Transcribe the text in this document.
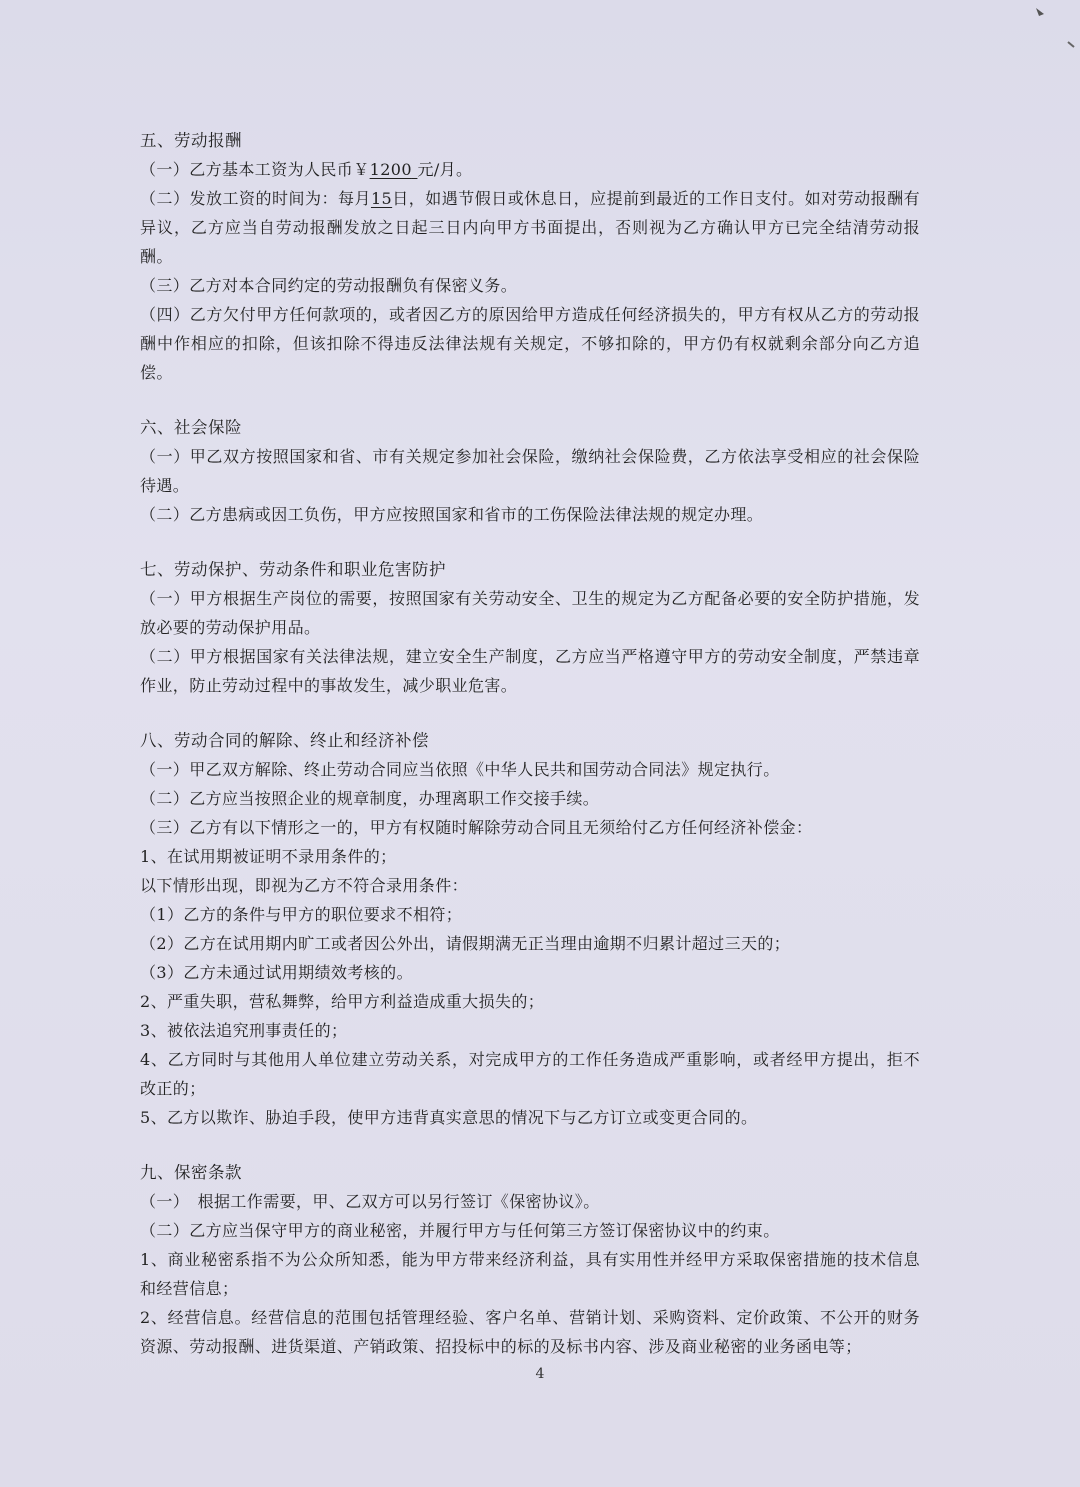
五、劳动报酬

（一）乙方基本工资为人民币￥1200 元/月。

（二）发放工资的时间为：每月15日，如遇节假日或休息日，应提前到最近的工作日支付。如对劳动报酬有异议，乙方应当自劳动报酬发放之日起三日内向甲方书面提出，否则视为乙方确认甲方已完全结清劳动报酬。

（三）乙方对本合同约定的劳动报酬负有保密义务。

（四）乙方欠付甲方任何款项的，或者因乙方的原因给甲方造成任何经济损失的，甲方有权从乙方的劳动报酬中作相应的扣除，但该扣除不得违反法律法规有关规定，不够扣除的，甲方仍有权就剩余部分向乙方追偿。

六、社会保险

（一）甲乙双方按照国家和省、市有关规定参加社会保险，缴纳社会保险费，乙方依法享受相应的社会保险待遇。

（二）乙方患病或因工负伤，甲方应按照国家和省市的工伤保险法律法规的规定办理。

七、劳动保护、劳动条件和职业危害防护

（一）甲方根据生产岗位的需要，按照国家有关劳动安全、卫生的规定为乙方配备必要的安全防护措施，发放必要的劳动保护用品。

（二）甲方根据国家有关法律法规，建立安全生产制度，乙方应当严格遵守甲方的劳动安全制度，严禁违章作业，防止劳动过程中的事故发生，减少职业危害。

八、劳动合同的解除、终止和经济补偿

（一）甲乙双方解除、终止劳动合同应当依照《中华人民共和国劳动合同法》规定执行。

（二）乙方应当按照企业的规章制度，办理离职工作交接手续。

（三）乙方有以下情形之一的，甲方有权随时解除劳动合同且无须给付乙方任何经济补偿金：

1、在试用期被证明不录用条件的；

以下情形出现，即视为乙方不符合录用条件：

（1）乙方的条件与甲方的职位要求不相符；

（2）乙方在试用期内旷工或者因公外出，请假期满无正当理由逾期不归累计超过三天的；

（3）乙方未通过试用期绩效考核的。

2、严重失职，营私舞弊，给甲方利益造成重大损失的；

3、被依法追究刑事责任的；

4、乙方同时与其他用人单位建立劳动关系，对完成甲方的工作任务造成严重影响，或者经甲方提出，拒不改正的；

5、乙方以欺诈、胁迫手段，使甲方违背真实意思的情况下与乙方订立或变更合同的。

九、保密条款

（一）　根据工作需要，甲、乙双方可以另行签订《保密协议》。

（二）乙方应当保守甲方的商业秘密，并履行甲方与任何第三方签订保密协议中的约束。

1、商业秘密系指不为公众所知悉，能为甲方带来经济利益，具有实用性并经甲方采取保密措施的技术信息和经营信息；

2、经营信息。经营信息的范围包括管理经验、客户名单、营销计划、采购资料、定价政策、不公开的财务资源、劳动报酬、进货渠道、产销政策、招投标中的标的及标书内容、涉及商业秘密的业务函电等；

4
